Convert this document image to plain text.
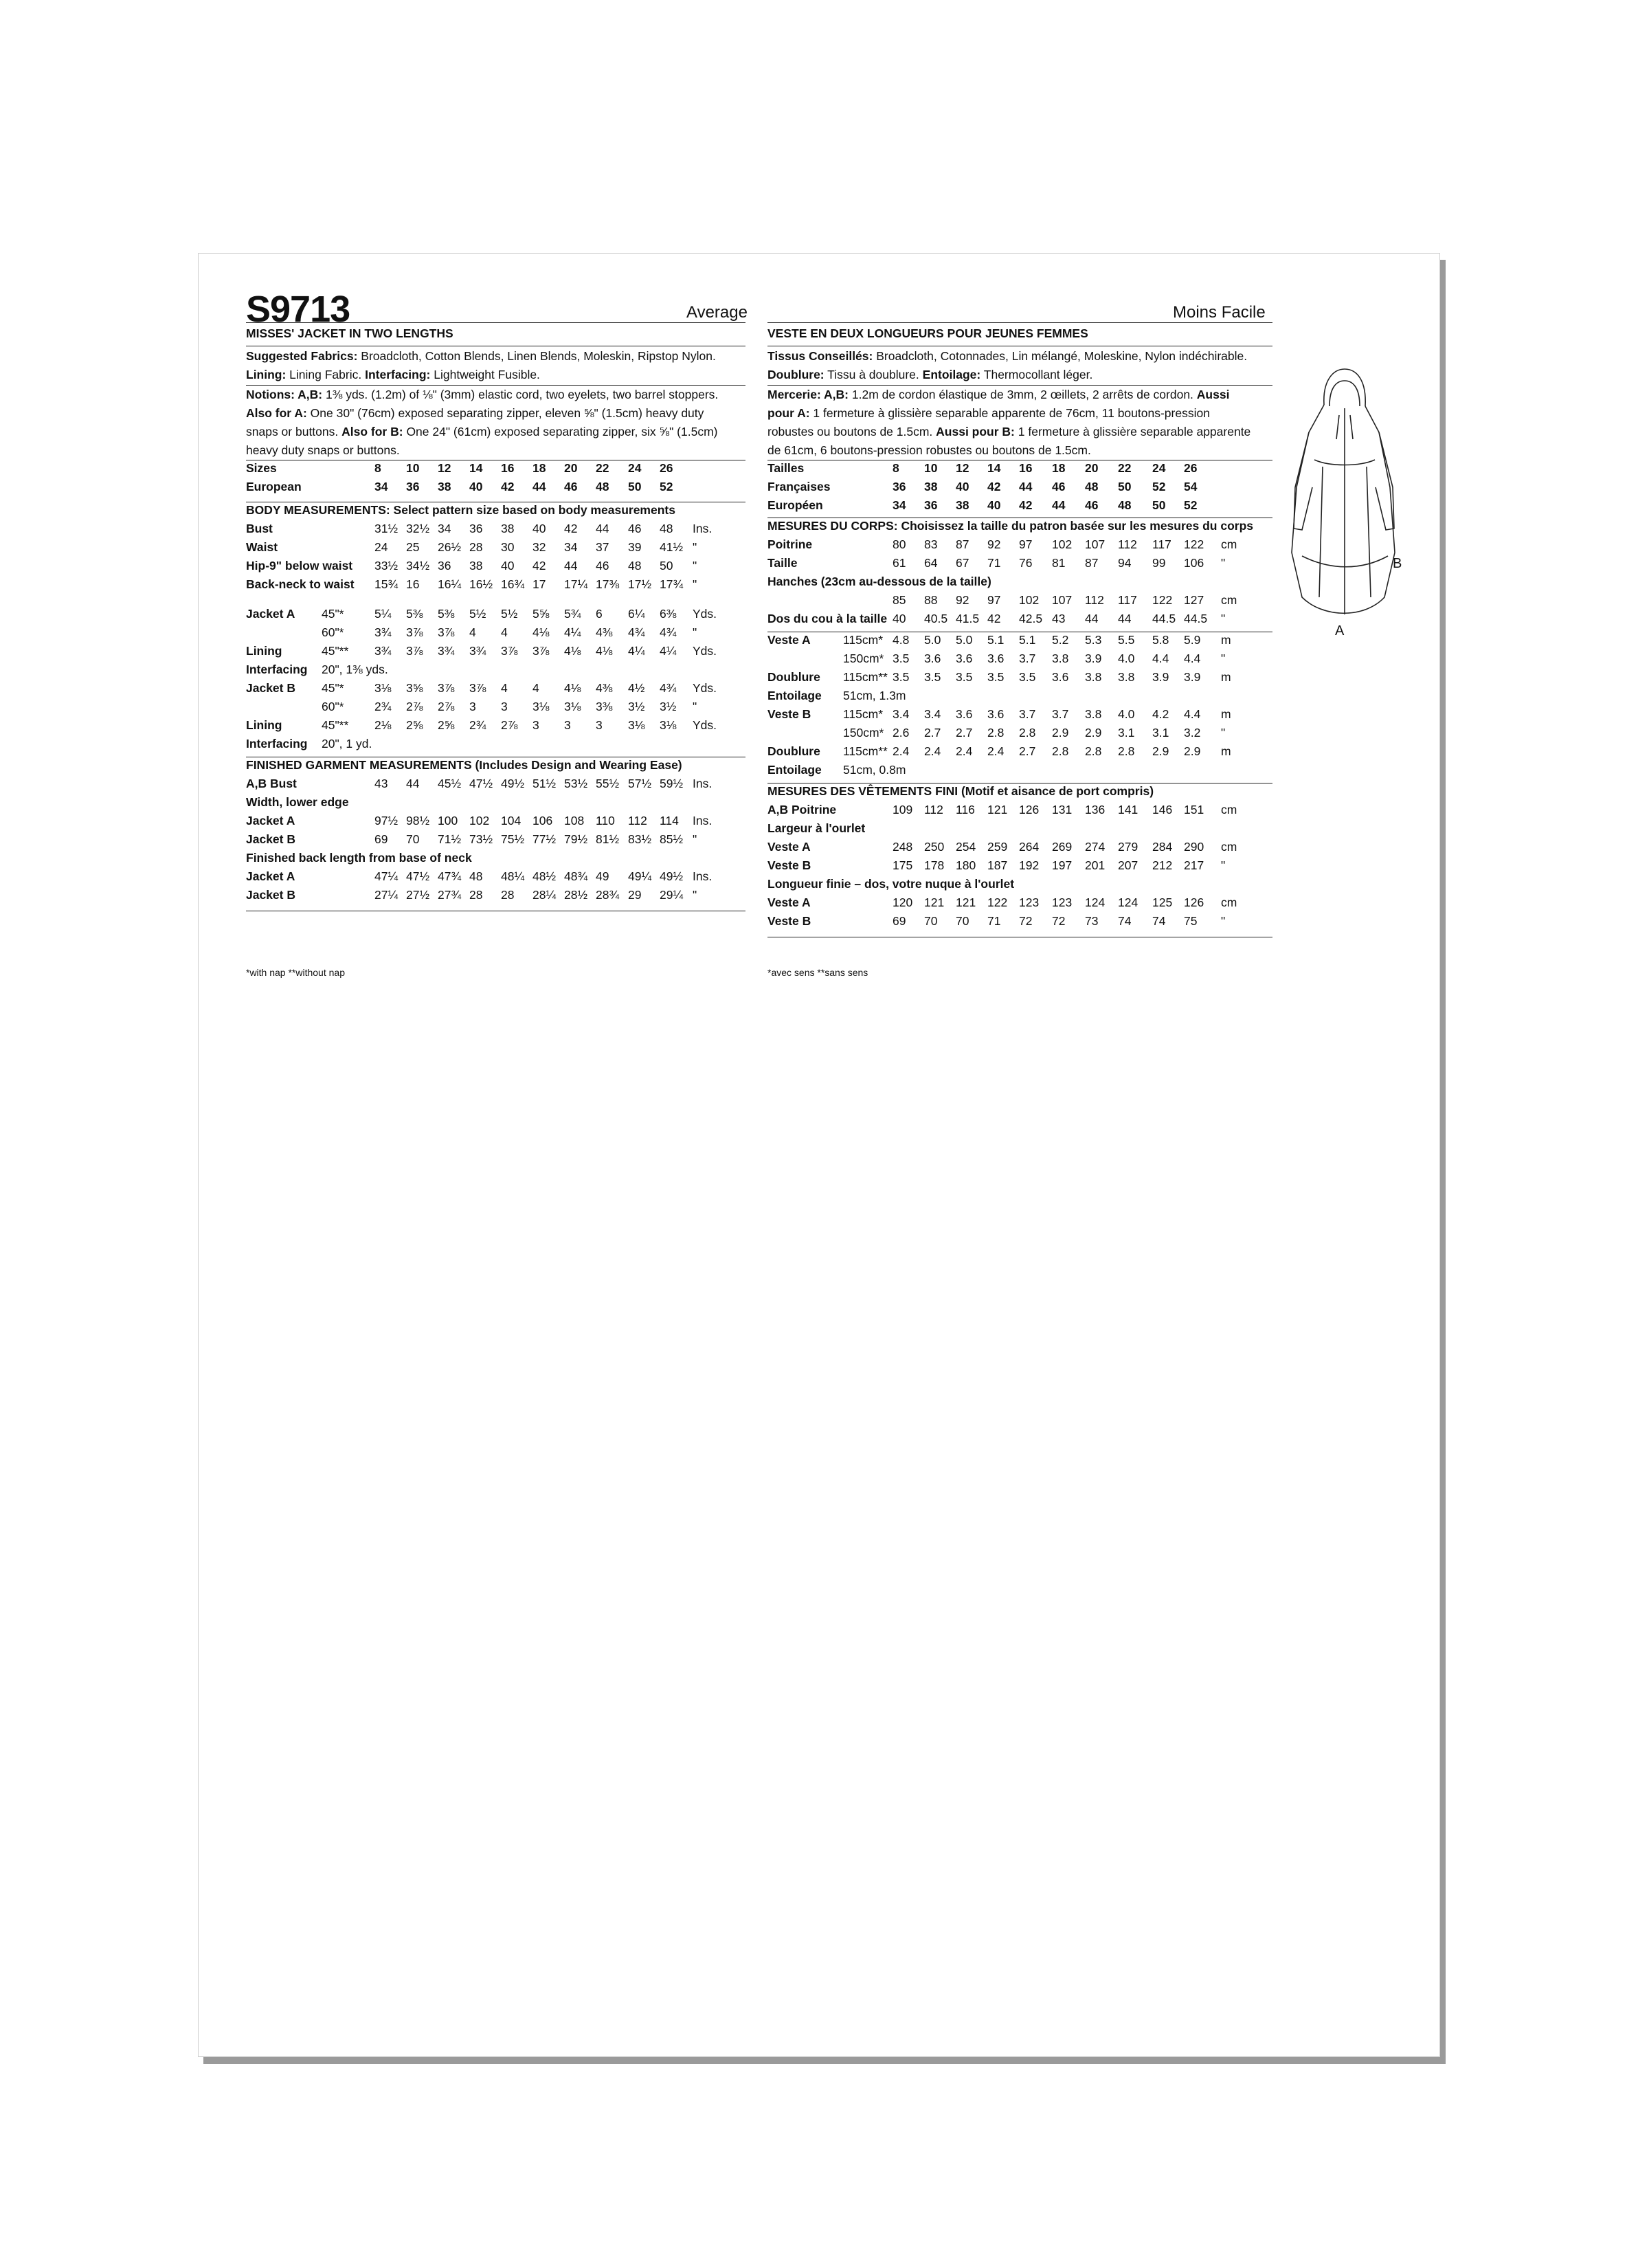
S9713	Average
MISSES' JACKET IN TWO LENGTHS
Suggested Fabrics: Broadcloth, Cotton Blends, Linen Blends, Moleskin, Ripstop Nylon.
Lining: Lining Fabric. Interfacing: Lightweight Fusible.
Notions: A,B: 1⅜ yds. (1.2m) of ⅛" (3mm) elastic cord, two eyelets, two barrel stoppers.
Also for A: One 30" (76cm) exposed separating zipper, eleven ⅝" (1.5cm) heavy duty
snaps or buttons. Also for B: One 24" (61cm) exposed separating zipper, six ⅝" (1.5cm)
heavy duty snaps or buttons.
Sizes	8 10 12 14 16 18 20 22 24 26
European	34 36 38 40 42 44 46 48 50 52
BODY MEASUREMENTS: Select pattern size based on body measurements
Bust	31½ 32½ 34 36 38 40 42 44 46 48 Ins.
Waist	24 25 26½ 28 30 32 34 37 39 41½ "
Hip-9" below waist 33½ 34½ 36 38 40 42 44 46 48 50 "
Back-neck to waist 15¾ 16 16¼ 16½ 16¾ 17 17¼ 17⅜ 17½ 17¾ "
Jacket A 45"*	5¼ 5⅜ 5⅜ 5½ 5½ 5⅝ 5¾ 6 6¼ 6⅜ Yds.
60"*	3¾ 3⅞ 3⅞ 4 4 4⅛ 4¼ 4⅜ 4¾ 4¾ "
Lining	45"** 3¾ 3⅞ 3¾ 3¾ 3⅞ 3⅞ 4⅛ 4⅛ 4¼ 4¼ Yds.
Interfacing 20", 1⅜ yds.
Jacket B 45"*	3⅛ 3⅝ 3⅞ 3⅞ 4 4 4⅛ 4⅜ 4½ 4¾ Yds.
60"*	2¾ 2⅞ 2⅞ 3 3 3⅛ 3⅛ 3⅜ 3½ 3½ "
Lining	45"** 2⅛ 2⅝ 2⅝ 2¾ 2⅞ 3 3 3 3⅛ 3⅛ Yds.
Interfacing 20", 1 yd.
FINISHED GARMENT MEASUREMENTS (Includes Design and Wearing Ease)
A,B Bust	43 44 45½ 47½ 49½ 51½ 53½ 55½ 57½ 59½ Ins.
Width, lower edge
Jacket A	97½ 98½ 100 102 104 106 108 110 112 114 Ins.
Jacket B	69 70 71½ 73½ 75½ 77½ 79½ 81½ 83½ 85½ "
Finished back length from base of neck
Jacket A	47¼ 47½ 47¾ 48 48¼ 48½ 48¾ 49 49¼ 49½ Ins.
Jacket B	27¼ 27½ 27¾ 28 28 28¼ 28½ 28¾ 29 29¼ "
*with nap **without nap
Moins Facile
VESTE EN DEUX LONGUEURS POUR JEUNES FEMMES
Tissus Conseillés: Broadcloth, Cotonnades, Lin mélangé, Moleskine, Nylon indéchirable.
Doublure: Tissu à doublure. Entoilage: Thermocollant léger.
Mercerie: A,B: 1.2m de cordon élastique de 3mm, 2 œillets, 2 arrêts de cordon. Aussi
pour A: 1 fermeture à glissière separable apparente de 76cm, 11 boutons-pression
robustes ou boutons de 1.5cm. Aussi pour B: 1 fermeture à glissière separable apparente
de 61cm, 6 boutons-pression robustes ou boutons de 1.5cm.
Tailles	8 10 12 14 16 18 20 22 24 26
Françaises	36 38 40 42 44 46 48 50 52 54
Européen	34 36 38 40 42 44 46 48 50 52
MESURES DU CORPS: Choisissez la taille du patron basée sur les mesures du corps
Poitrine	80 83 87 92 97 102 107 112 117 122 cm
Taille	61 64 67 71 76 81 87 94 99 106 "
Hanches (23cm au-dessous de la taille)
85 88 92 97 102 107 112 117 122 127 cm
Dos du cou à la taille 40 40.5 41.5 42 42.5 43 44 44 44.5 44.5 "
Veste A	115cm* 4.8 5.0 5.0 5.1 5.1 5.2 5.3 5.5 5.8 5.9 m
150cm* 3.5 3.6 3.6 3.6 3.7 3.8 3.9 4.0 4.4 4.4 "
Doublure 115cm** 3.5 3.5 3.5 3.5 3.5 3.6 3.8 3.8 3.9 3.9 m
Entoilage 51cm, 1.3m
Veste B	115cm* 3.4 3.4 3.6 3.6 3.7 3.7 3.8 4.0 4.2 4.4 m
150cm* 2.6 2.7 2.7 2.8 2.8 2.9 2.9 3.1 3.1 3.2 "
Doublure 115cm** 2.4 2.4 2.4 2.4 2.7 2.8 2.8 2.8 2.9 2.9 m
Entoilage 51cm, 0.8m
MESURES DES VÊTEMENTS FINI (Motif et aisance de port compris)
A,B Poitrine	109 112 116 121 126 131 136 141 146 151 cm
Largeur à l'ourlet
Veste A	248 250 254 259 264 269 274 279 284 290 cm
Veste B	175 178 180 187 192 197 201 207 212 217 "
Longueur finie – dos, votre nuque à l'ourlet
Veste A	120 121 121 122 123 123 124 124 125 126 cm
Veste B	69 70 70 71 72 72 73 74 74 75 "
*avec sens **sans sens
A
B
